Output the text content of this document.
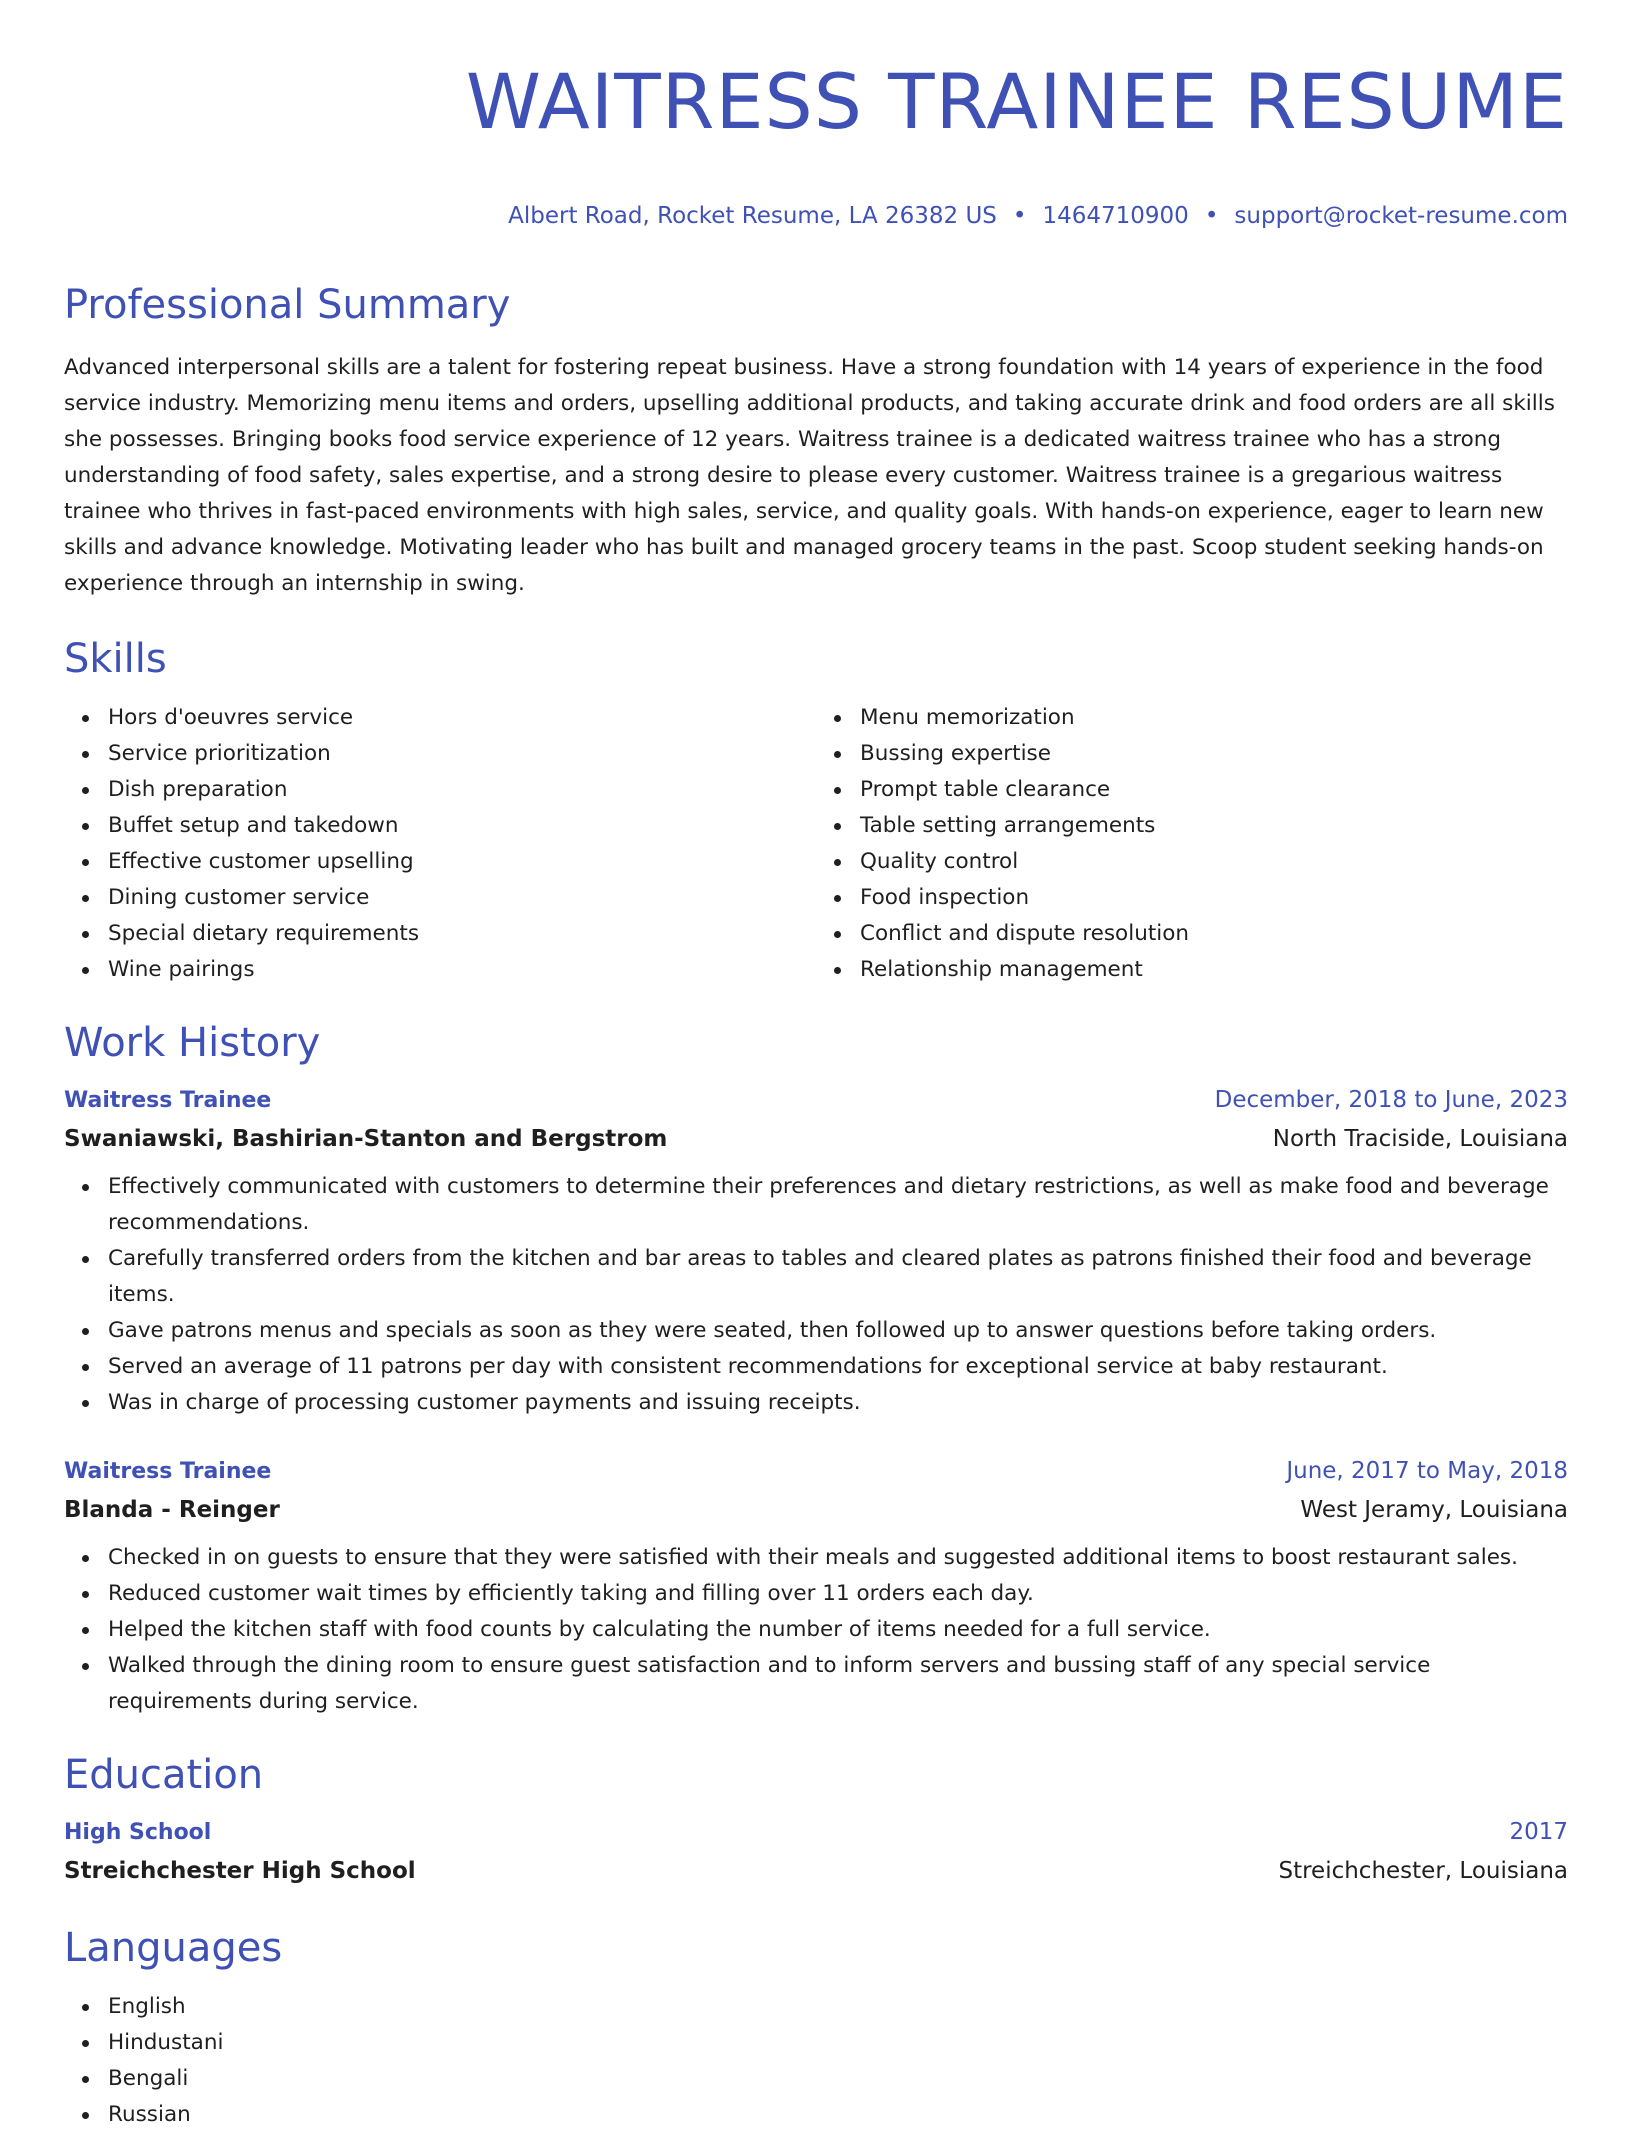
WAITRESS TRAINEE RESUME
Albert Road, Rocket Resume, LA 26382 US • 1464710900 • support@rocket-resume.com
Professional Summary
Advanced interpersonal skills are a talent for fostering repeat business. Have a strong foundation with 14 years of experience in the food service industry. Memorizing menu items and orders, upselling additional products, and taking accurate drink and food orders are all skills she possesses. Bringing books food service experience of 12 years. Waitress trainee is a dedicated waitress trainee who has a strong understanding of food safety, sales expertise, and a strong desire to please every customer. Waitress trainee is a gregarious waitress trainee who thrives in fast-paced environments with high sales, service, and quality goals. With hands-on experience, eager to learn new skills and advance knowledge. Motivating leader who has built and managed grocery teams in the past. Scoop student seeking hands-on experience through an internship in swing.
Skills
Hors d'oeuvres service
Service prioritization
Dish preparation
Buffet setup and takedown
Effective customer upselling
Dining customer service
Special dietary requirements
Wine pairings
Menu memorization
Bussing expertise
Prompt table clearance
Table setting arrangements
Quality control
Food inspection
Conflict and dispute resolution
Relationship management
Work History
Waitress Trainee	December, 2018 to June, 2023
Swaniawski, Bashirian-Stanton and Bergstrom	North Traciside, Louisiana
Effectively communicated with customers to determine their preferences and dietary restrictions, as well as make food and beverage recommendations.
Carefully transferred orders from the kitchen and bar areas to tables and cleared plates as patrons finished their food and beverage items.
Gave patrons menus and specials as soon as they were seated, then followed up to answer questions before taking orders.
Served an average of 11 patrons per day with consistent recommendations for exceptional service at baby restaurant.
Was in charge of processing customer payments and issuing receipts.
Waitress Trainee	June, 2017 to May, 2018
Blanda - Reinger	West Jeramy, Louisiana
Checked in on guests to ensure that they were satisfied with their meals and suggested additional items to boost restaurant sales.
Reduced customer wait times by efficiently taking and filling over 11 orders each day.
Helped the kitchen staff with food counts by calculating the number of items needed for a full service.
Walked through the dining room to ensure guest satisfaction and to inform servers and bussing staff of any special service requirements during service.
Education
High School	2017
Streichchester High School	Streichchester, Louisiana
Languages
English
Hindustani
Bengali
Russian
